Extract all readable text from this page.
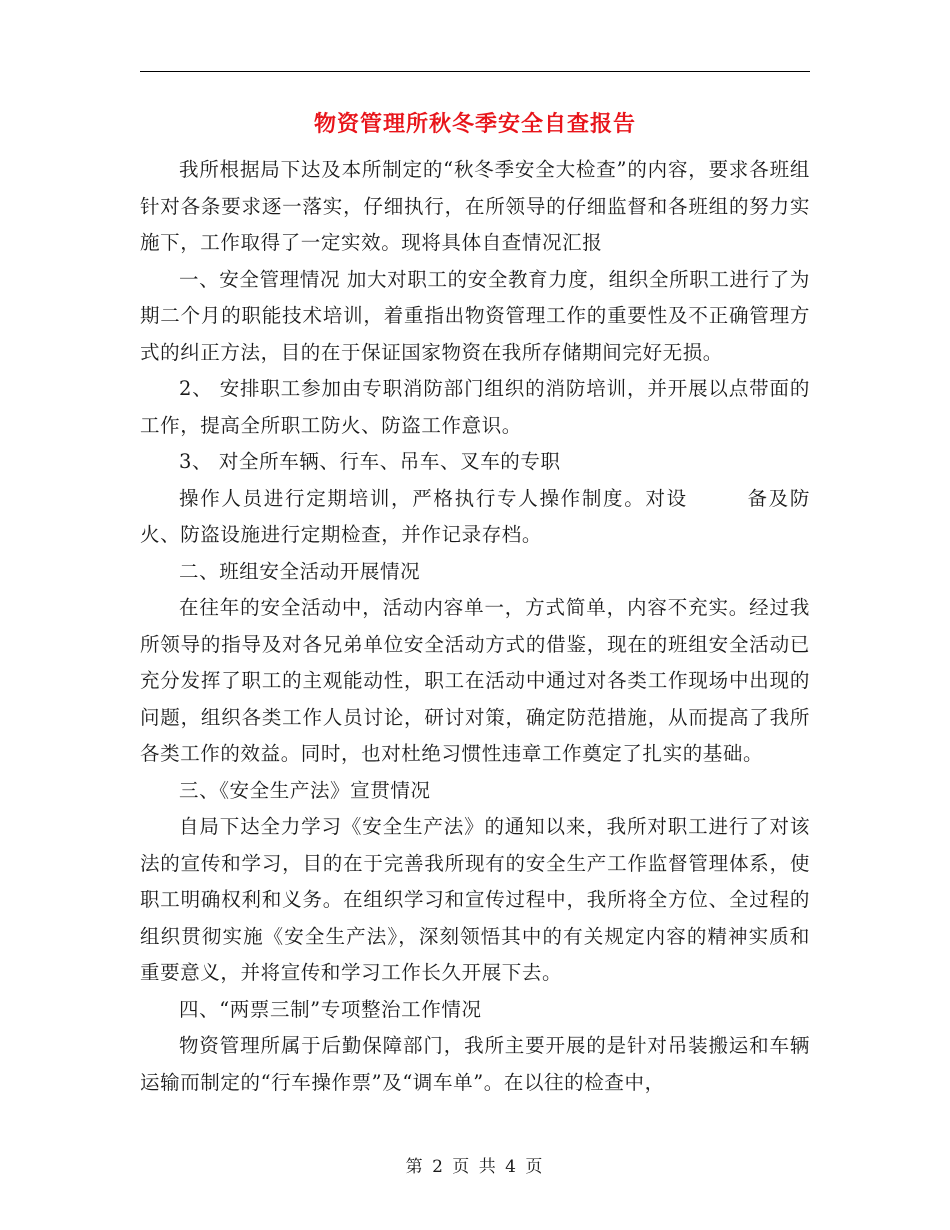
物资管理所秋冬季安全自查报告

我所根据局下达及本所制定的“秋冬季安全大检查”的内容，要求各班组针对各条要求逐一落实，仔细执行，在所领导的仔细监督和各班组的努力实施下，工作取得了一定实效。现将具体自查情况汇报

一、安全管理情况 加大对职工的安全教育力度，组织全所职工进行了为期二个月的职能技术培训，着重指出物资管理工作的重要性及不正确管理方式的纠正方法，目的在于保证国家物资在我所存储期间完好无损。

2、 安排职工参加由专职消防部门组织的消防培训，并开展以点带面的工作，提高全所职工防火、防盗工作意识。

3、 对全所车辆、行车、吊车、叉车的专职

操作人员进行定期培训，严格执行专人操作制度。对设	备及防火、防盗设施进行定期检查，并作记录存档。

二、班组安全活动开展情况

在往年的安全活动中，活动内容单一，方式简单，内容不充实。经过我所领导的指导及对各兄弟单位安全活动方式的借鉴，现在的班组安全活动已充分发挥了职工的主观能动性，职工在活动中通过对各类工作现场中出现的问题，组织各类工作人员讨论，研讨对策，确定防范措施，从而提高了我所各类工作的效益。同时，也对杜绝习惯性违章工作奠定了扎实的基础。

三、《安全生产法》宣贯情况

自局下达全力学习《安全生产法》的通知以来，我所对职工进行了对该法的宣传和学习，目的在于完善我所现有的安全生产工作监督管理体系，使职工明确权利和义务。在组织学习和宣传过程中，我所将全方位、全过程的组织贯彻实施《安全生产法》，深刻领悟其中的有关规定内容的精神实质和重要意义，并将宣传和学习工作长久开展下去。

四、“两票三制”专项整治工作情况

物资管理所属于后勤保障部门，我所主要开展的是针对吊装搬运和车辆运输而制定的“行车操作票”及“调车单”。在以往的检查中，

第 2 页 共 4 页
